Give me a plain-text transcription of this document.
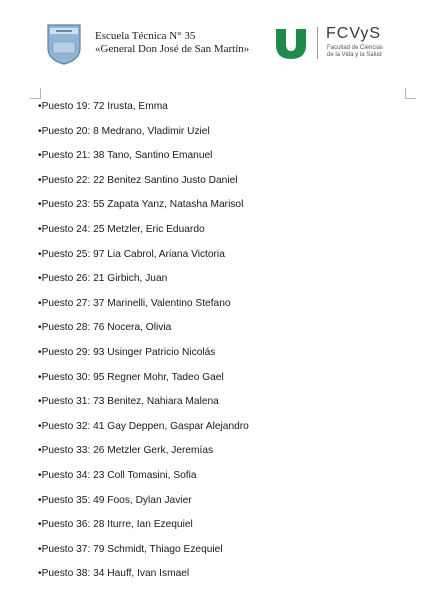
Escuela Técnica N° 35
«General Don José de San Martín»
FCVyS
Facultad de Ciencias
de la Vida y la Salud
•Puesto 19: 72 Irusta, Emma
•Puesto 20: 8 Medrano, Vladimir Uziel
•Puesto 21: 38 Tano, Santino Emanuel
•Puesto 22: 22 Benitez Santino Justo Daniel
•Puesto 23: 55 Zapata Yanz, Natasha Marisol
•Puesto 24: 25 Metzler, Eric Eduardo
•Puesto 25: 97 Lia Cabrol, Ariana Victoria
•Puesto 26: 21 Girbich, Juan
•Puesto 27: 37 Marinelli, Valentino Stefano
•Puesto 28: 76 Nocera, Olivia
•Puesto 29: 93 Usinger Patricio Nicolás
•Puesto 30: 95 Regner Mohr, Tadeo Gael
•Puesto 31: 73 Benitez, Nahiara Malena
•Puesto 32: 41 Gay Deppen, Gaspar Alejandro
•Puesto 33: 26 Metzler Gerk, Jeremías
•Puesto 34: 23 Coll Tomasini, Sofia
•Puesto 35: 49 Foos, Dylan Javier
•Puesto 36: 28 Iturre, Ian Ezequiel
•Puesto 37: 79 Schmidt, Thiago Ezequiel
•Puesto 38: 34 Hauff, Ivan Ismael
